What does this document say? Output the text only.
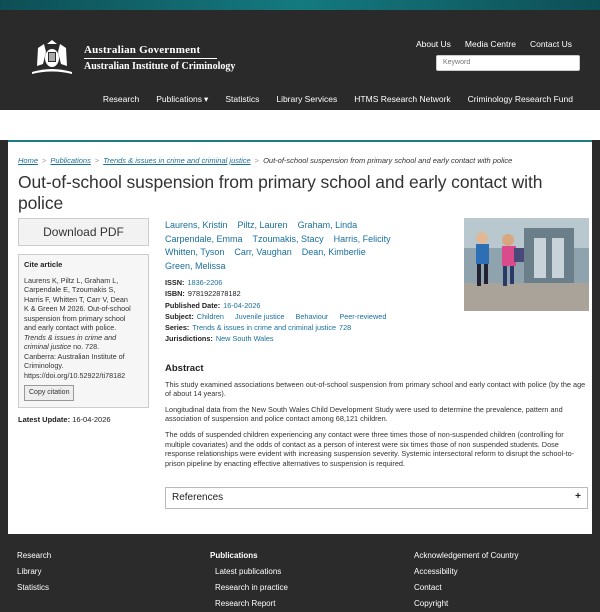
Australian Government
Australian Institute of Criminology
About Us Media Centre Contact Us
Keyword
Research Publications ▾ Statistics Library Services HTMS Research Network Criminology Research Fund
Home > Publications > Trends & issues in crime and criminal justice > Out-of-school suspension from primary school and early contact with police
Out-of-school suspension from primary school and early contact with police
Download PDF
Cite article
Laurens K, Piltz L, Graham L,
Carpendale E, Tzoumakis S,
Harris F, Whitten T, Carr V, Dean
K & Green M 2026. Out-of-school
suspension from primary school
and early contact with police.
Trends & issues in crime and
criminal justice no. 728.
Canberra: Australian Institute of Criminology.
https://doi.org/10.52922/ti78182
Copy citation
Latest Update: 16-04-2026
Laurens, Kristin Piltz, Lauren Graham, Linda
Carpendale, Emma Tzoumakis, Stacy Harris, Felicity
Whitten, Tyson Carr, Vaughan Dean, Kimberlie
Green, Melissa
ISSN: 1836-2206
ISBN: 9781922878182
Published Date: 16-04-2026
Subject: Children Juvenile justice Behaviour Peer-reviewed
Series: Trends & issues in crime and criminal justice 728
Jurisdictions: New South Wales
Abstract

This study examined associations between out-of-school suspension from primary school and early contact with police (by the age of about 14 years).

Longitudinal data from the New South Wales Child Development Study were used to determine the prevalence, pattern and association of suspension and police contact among 68,121 children.

The odds of suspended children experiencing any contact were three times those of non-suspended children (controlling for multiple covariates) and the odds of contact as a person of interest were six times those of non suspended students. Dose response relationships were evident with increasing suspension severity. Systemic intersectoral reform to disrupt the school-to-prison pipeline by enacting effective alternatives to suspension is required.

References	+
Research
Library
Statistics
Publications
Latest publications
Research in practice
Research Report
Acknowledgement of Country
Accessibility
Contact
Copyright
